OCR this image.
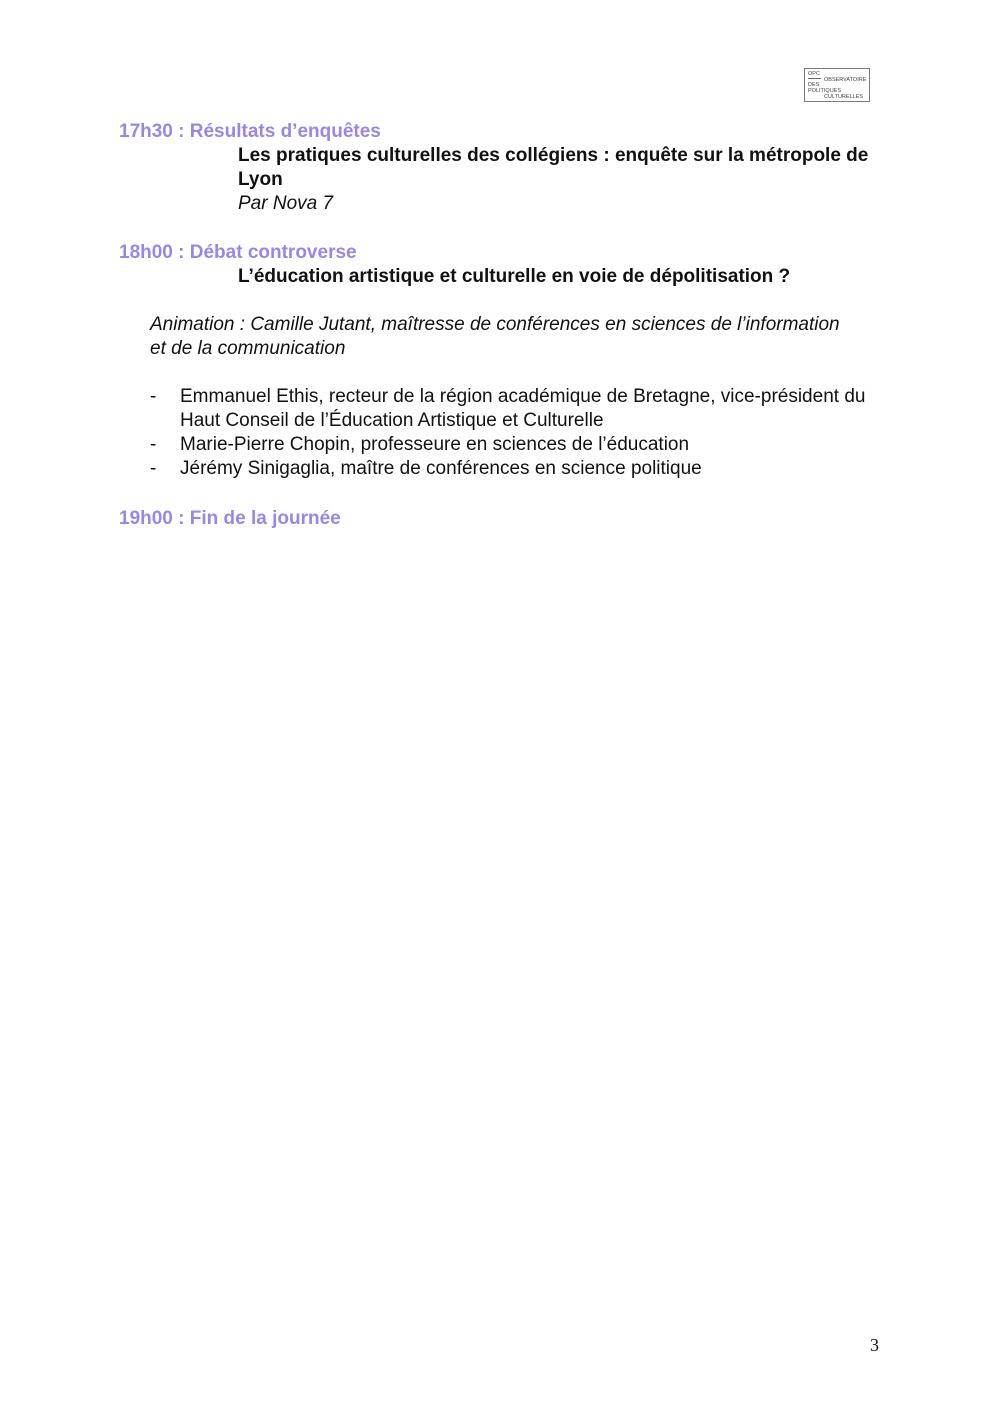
OPC
OBSERVATOIRE
DES
POLITIQUES
CULTURELLES
17h30 : Résultats d’enquêtes
Les pratiques culturelles des collégiens : enquête sur la métropole de Lyon
Par Nova 7
18h00 : Débat controverse
L’éducation artistique et culturelle en voie de dépolitisation ?
Animation : Camille Jutant, maîtresse de conférences en sciences de l’information et de la communication
- Emmanuel Ethis, recteur de la région académique de Bretagne, vice-président du Haut Conseil de l’Éducation Artistique et Culturelle
- Marie-Pierre Chopin, professeure en sciences de l’éducation
- Jérémy Sinigaglia, maître de conférences en science politique
19h00 : Fin de la journée
3
